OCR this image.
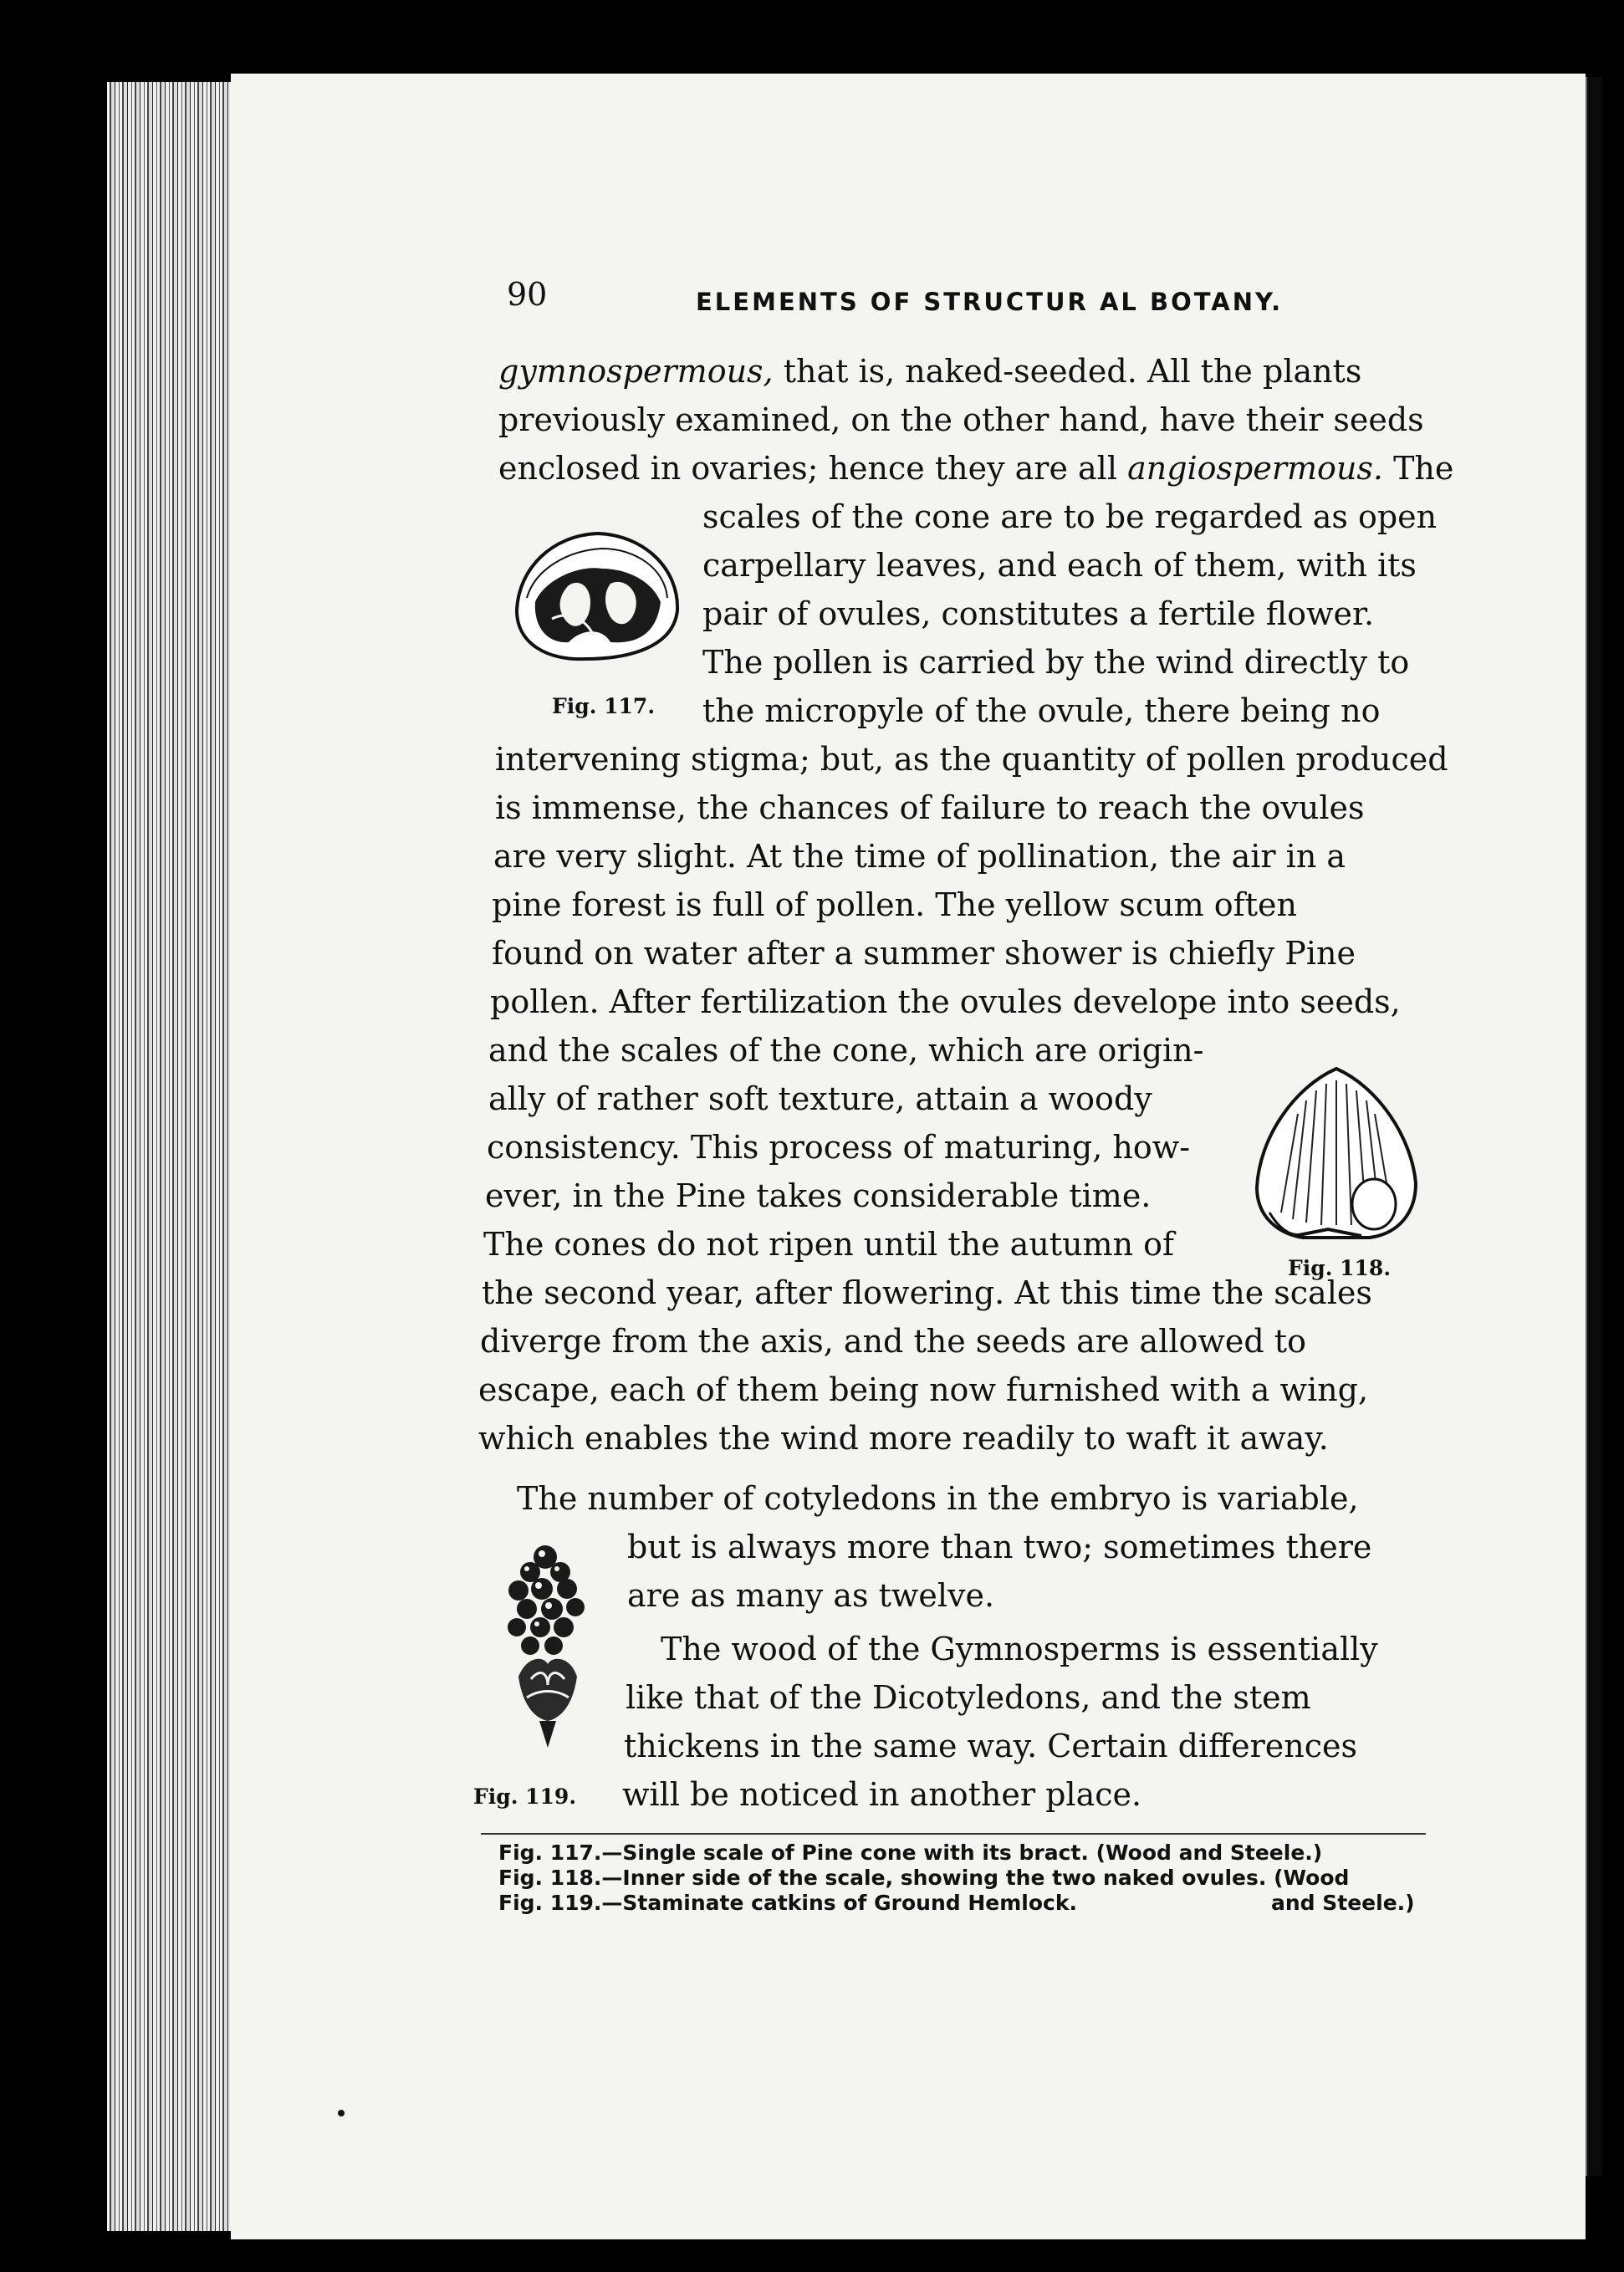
90	ELEMENTS OF STRUCTUR AL BOTANY.
gymnospermous, that is, naked-seeded. All the plants
previously examined, on the other hand, have their seeds
enclosed in ovaries; hence they are all angiospermous. The
scales of the cone are to be regarded as open
carpellary leaves, and each of them, with its
pair of ovules, constitutes a fertile flower.
The pollen is carried by the wind directly to
the micropyle of the ovule, there being no
intervening stigma; but, as the quantity of pollen produced
is immense, the chances of failure to reach the ovules
are very slight. At the time of pollination, the air in a
pine forest is full of pollen. The yellow scum often
found on water after a summer shower is chiefly Pine
pollen. After fertilization the ovules develope into seeds,
and the scales of the cone, which are origin-
ally of rather soft texture, attain a woody
consistency. This process of maturing, how-
ever, in the Pine takes considerable time.
The cones do not ripen until the autumn of
the second year, after flowering. At this time the scales
diverge from the axis, and the seeds are allowed to
escape, each of them being now furnished with a wing,
which enables the wind more readily to waft it away.
The number of cotyledons in the embryo is variable,
but is always more than two; sometimes there
are as many as twelve.
The wood of the Gymnosperms is essentially
like that of the Dicotyledons, and the stem
thickens in the same way. Certain differences
will be noticed in another place.
Fig. 117.
Fig. 118.
Fig. 119.
Fig. 117.—Single scale of Pine cone with its bract. (Wood and Steele.)
Fig. 118.—Inner side of the scale, showing the two naked ovules. (Wood
Fig. 119.—Staminate catkins of Ground Hemlock.	and Steele.)
